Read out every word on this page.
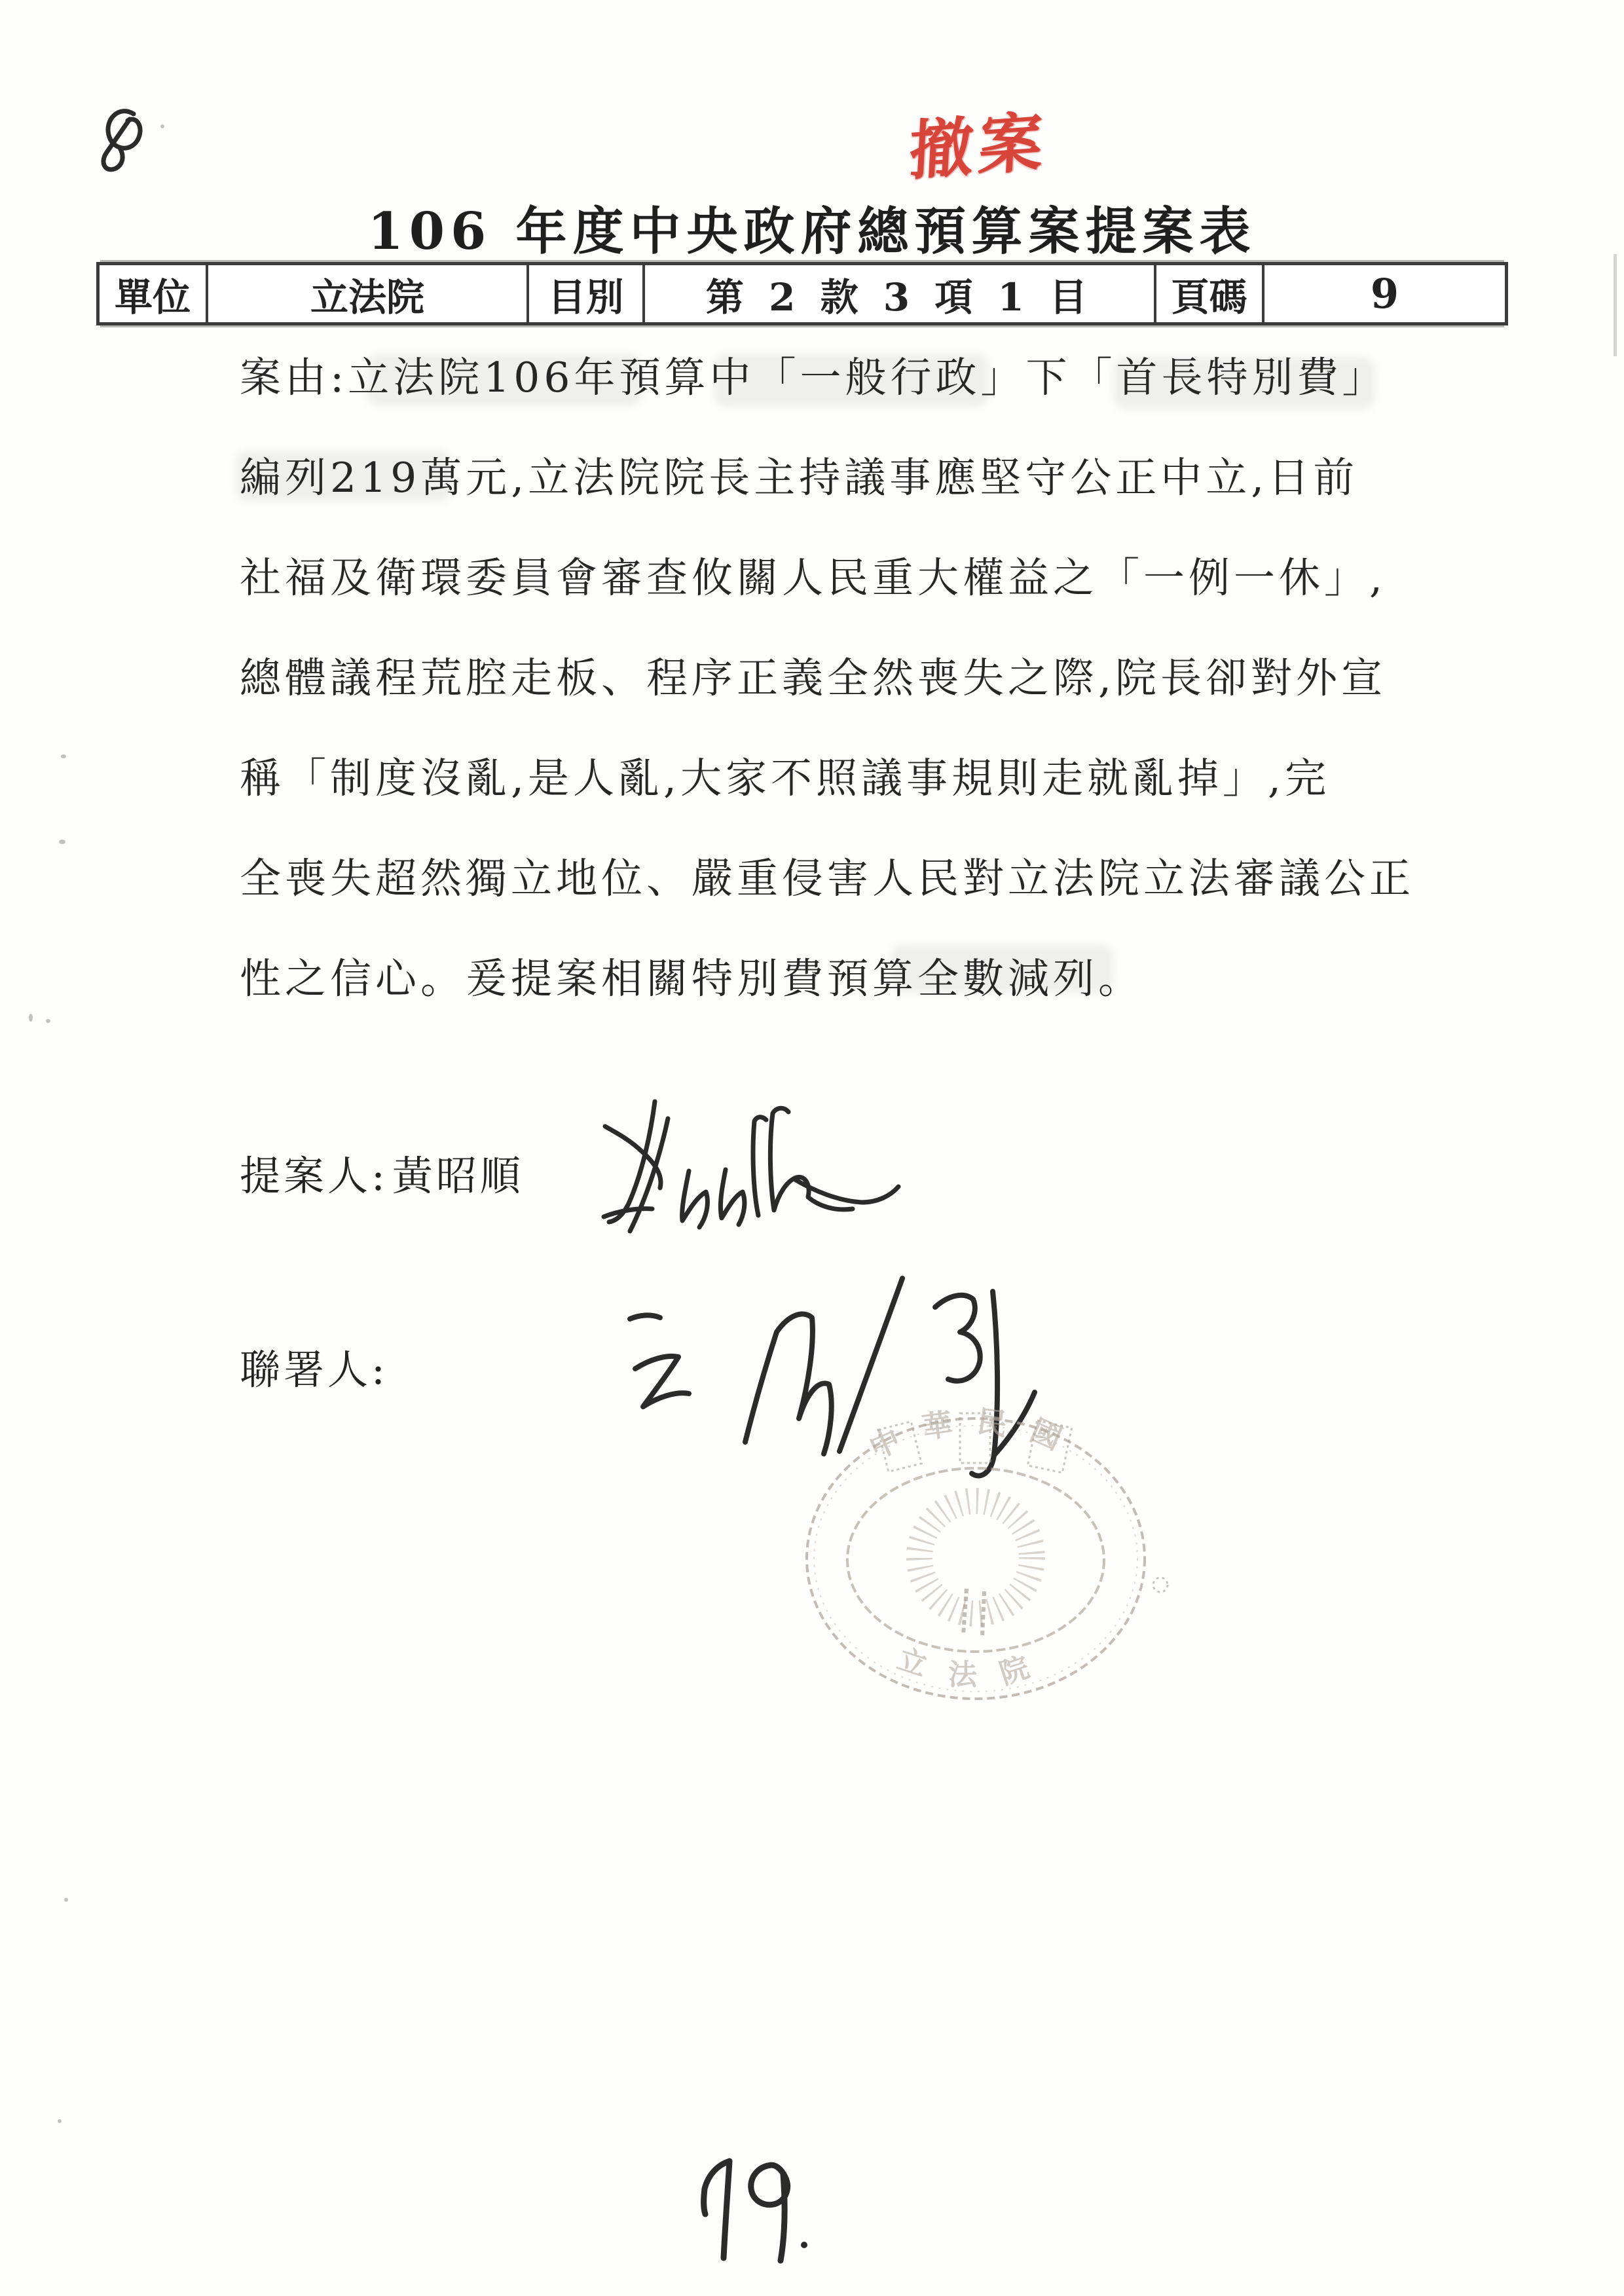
撤案
106 年度中央政府總預算案提案表
單位	立法院	目別	第 2 款 3 項 1 目	頁碼	9
案由:立法院106年預算中「一般行政」下「首長特別費」
編列219萬元,立法院院長主持議事應堅守公正中立,日前
社福及衛環委員會審查攸關人民重大權益之「一例一休」,
總體議程荒腔走板、程序正義全然喪失之際,院長卻對外宣
稱「制度沒亂,是人亂,大家不照議事規則走就亂掉」,完
全喪失超然獨立地位、嚴重侵害人民對立法院立法審議公正
性之信心。爰提案相關特別費預算全數減列。
提案人:黃昭順
聯署人:
中華民國
立法院
